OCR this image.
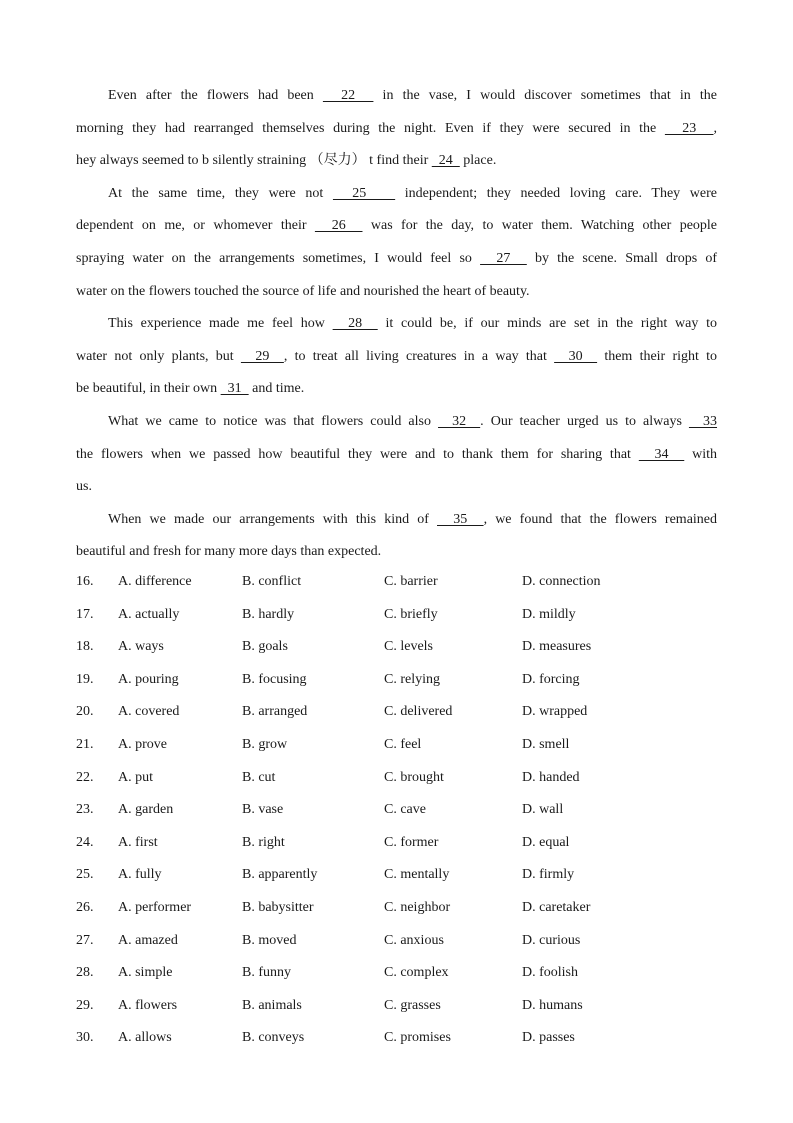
Even after the flowers had been   22   in the vase, I would discover sometimes that in the

morning they had rearranged themselves during the night. Even if they were secured in the   23  ,

hey always seemed to b silently straining （尽力） t find their   24   place.

At the same time, they were not   25    independent; they needed loving care. They were

dependent on me, or whomever their   26   was for the day, to water them. Watching other people

spraying water on the arrangements sometimes, I would feel so   27   by the scene. Small drops of

water on the flowers touched the source of life and nourished the heart of beauty.

This experience made me feel how   28   it could be, if our minds are set in the right way to

water not only plants, but   29  , to treat all living creatures in a way that   30   them their right to

be beautiful, in their own   31   and time.

What we came to notice was that flowers could also   32  . Our teacher urged us to always   33

the flowers when we passed how beautiful they were and to thank them for sharing that   34   with

us.

When we made our arrangements with this kind of   35  , we found that the flowers remained

beautiful and fresh for many more days than expected.

16. A. difference	B. conflict	C. barrier	D. connection
17. A. actually	B. hardly	C. briefly	D. mildly
18. A. ways	B. goals	C. levels	D. measures
19. A. pouring	B. focusing	C. relying	D. forcing
20. A. covered	B. arranged	C. delivered	D. wrapped
21. A. prove	B. grow	C. feel	D. smell
22. A. put	B. cut	C. brought	D. handed
23. A. garden	B. vase	C. cave	D. wall
24. A. first	B. right	C. former	D. equal
25. A. fully	B. apparently	C. mentally	D. firmly
26. A. performer	B. babysitter	C. neighbor	D. caretaker
27. A. amazed	B. moved	C. anxious	D. curious
28. A. simple	B. funny	C. complex	D. foolish
29. A. flowers	B. animals	C. grasses	D. humans
30. A. allows	B. conveys	C. promises	D. passes
